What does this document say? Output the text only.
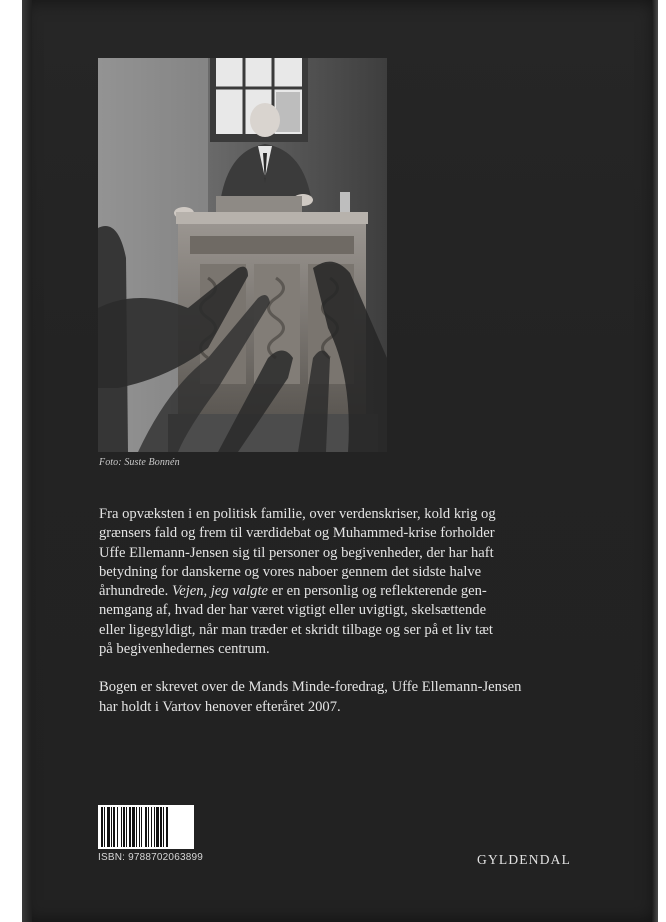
Foto: Suste Bonnén
Fra opvæksten i en politisk familie, over verdenskriser, kold krig og
grænsers fald og frem til værdidebat og Muhammed-krise forholder
Uffe Ellemann-Jensen sig til personer og begivenheder, der har haft
betydning for danskerne og vores naboer gennem det sidste halve
århundrede. Vejen, jeg valgte er en personlig og reflekterende gen-
nemgang af, hvad der har været vigtigt eller uvigtigt, skelsættende
eller ligegyldigt, når man træder et skridt tilbage og ser på et liv tæt
på begivenhedernes centrum.
Bogen er skrevet over de Mands Minde-foredrag, Uffe Ellemann-Jensen
har holdt i Vartov henover efteråret 2007.
ISBN: 9788702063899	GYLDENDAL
